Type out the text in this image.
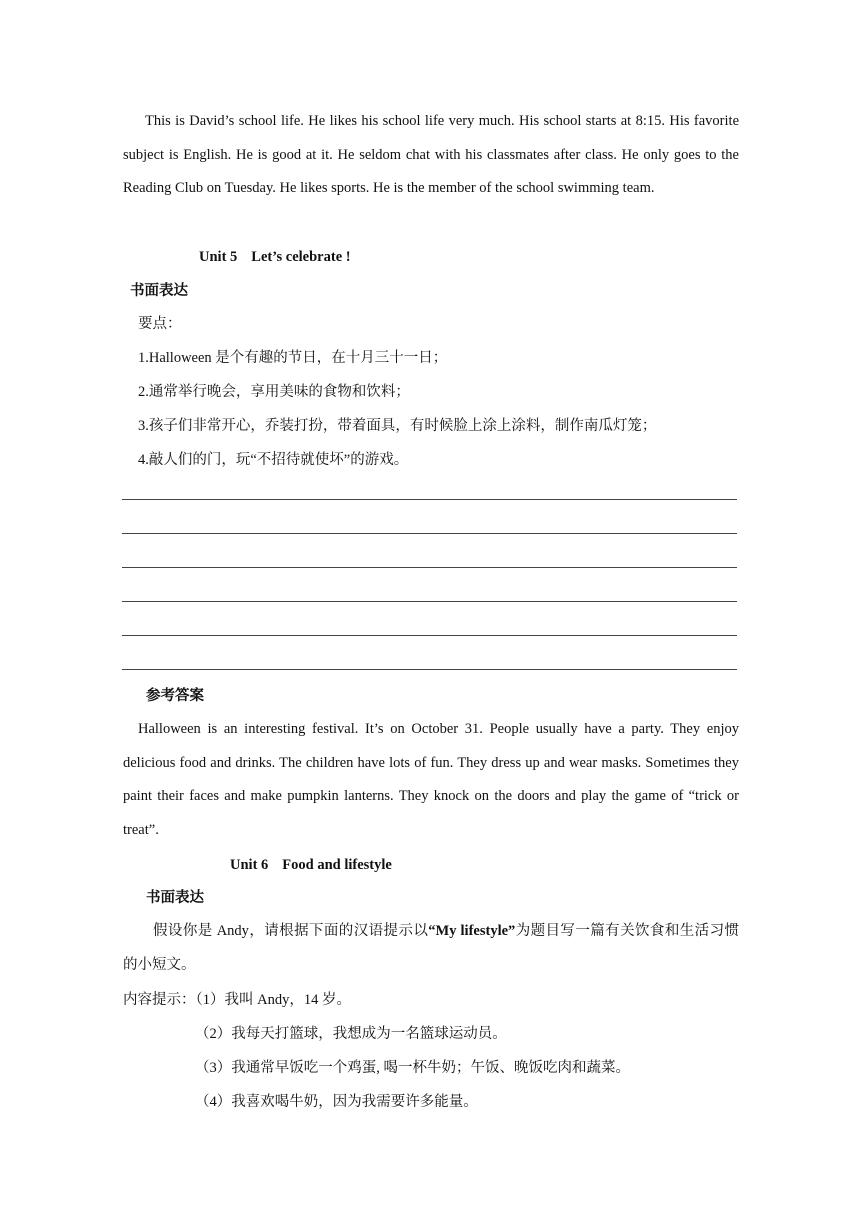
This is David’s school life. He likes his school life very much. His school starts at 8:15. His favorite subject is English. He is good at it. He seldom chat with his classmates after class. He only goes to the Reading Club on Tuesday. He likes sports. He is the member of the school swimming team.

Unit 5 Let’s celebrate !
书面表达
要点：
1.Halloween 是个有趣的节日，在十月三十一日；
2.通常举行晚会，享用美味的食物和饮料；
3.孩子们非常开心，乔装打扮，带着面具，有时候脸上涂上涂料，制作南瓜灯笼；
4.敲人们的门，玩“不招待就使坏”的游戏。
参考答案

Halloween is an interesting festival. It’s on October 31. People usually have a party. They enjoy delicious food and drinks. The children have lots of fun. They dress up and wear masks. Sometimes they paint their faces and make pumpkin lanterns. They knock on the doors and play the game of “trick or treat”.

Unit 6 Food and lifestyle
书面表达

假设你是 Andy，请根据下面的汉语提示以“My lifestyle”为题目写一篇有关饮食和生活习惯的小短文。

内容提示：（1）我叫 Andy，14 岁。
（2）我每天打篮球，我想成为一名篮球运动员。
（3）我通常早饭吃一个鸡蛋, 喝一杯牛奶；午饭、晚饭吃肉和蔬菜。
（4）我喜欢喝牛奶，因为我需要许多能量。
